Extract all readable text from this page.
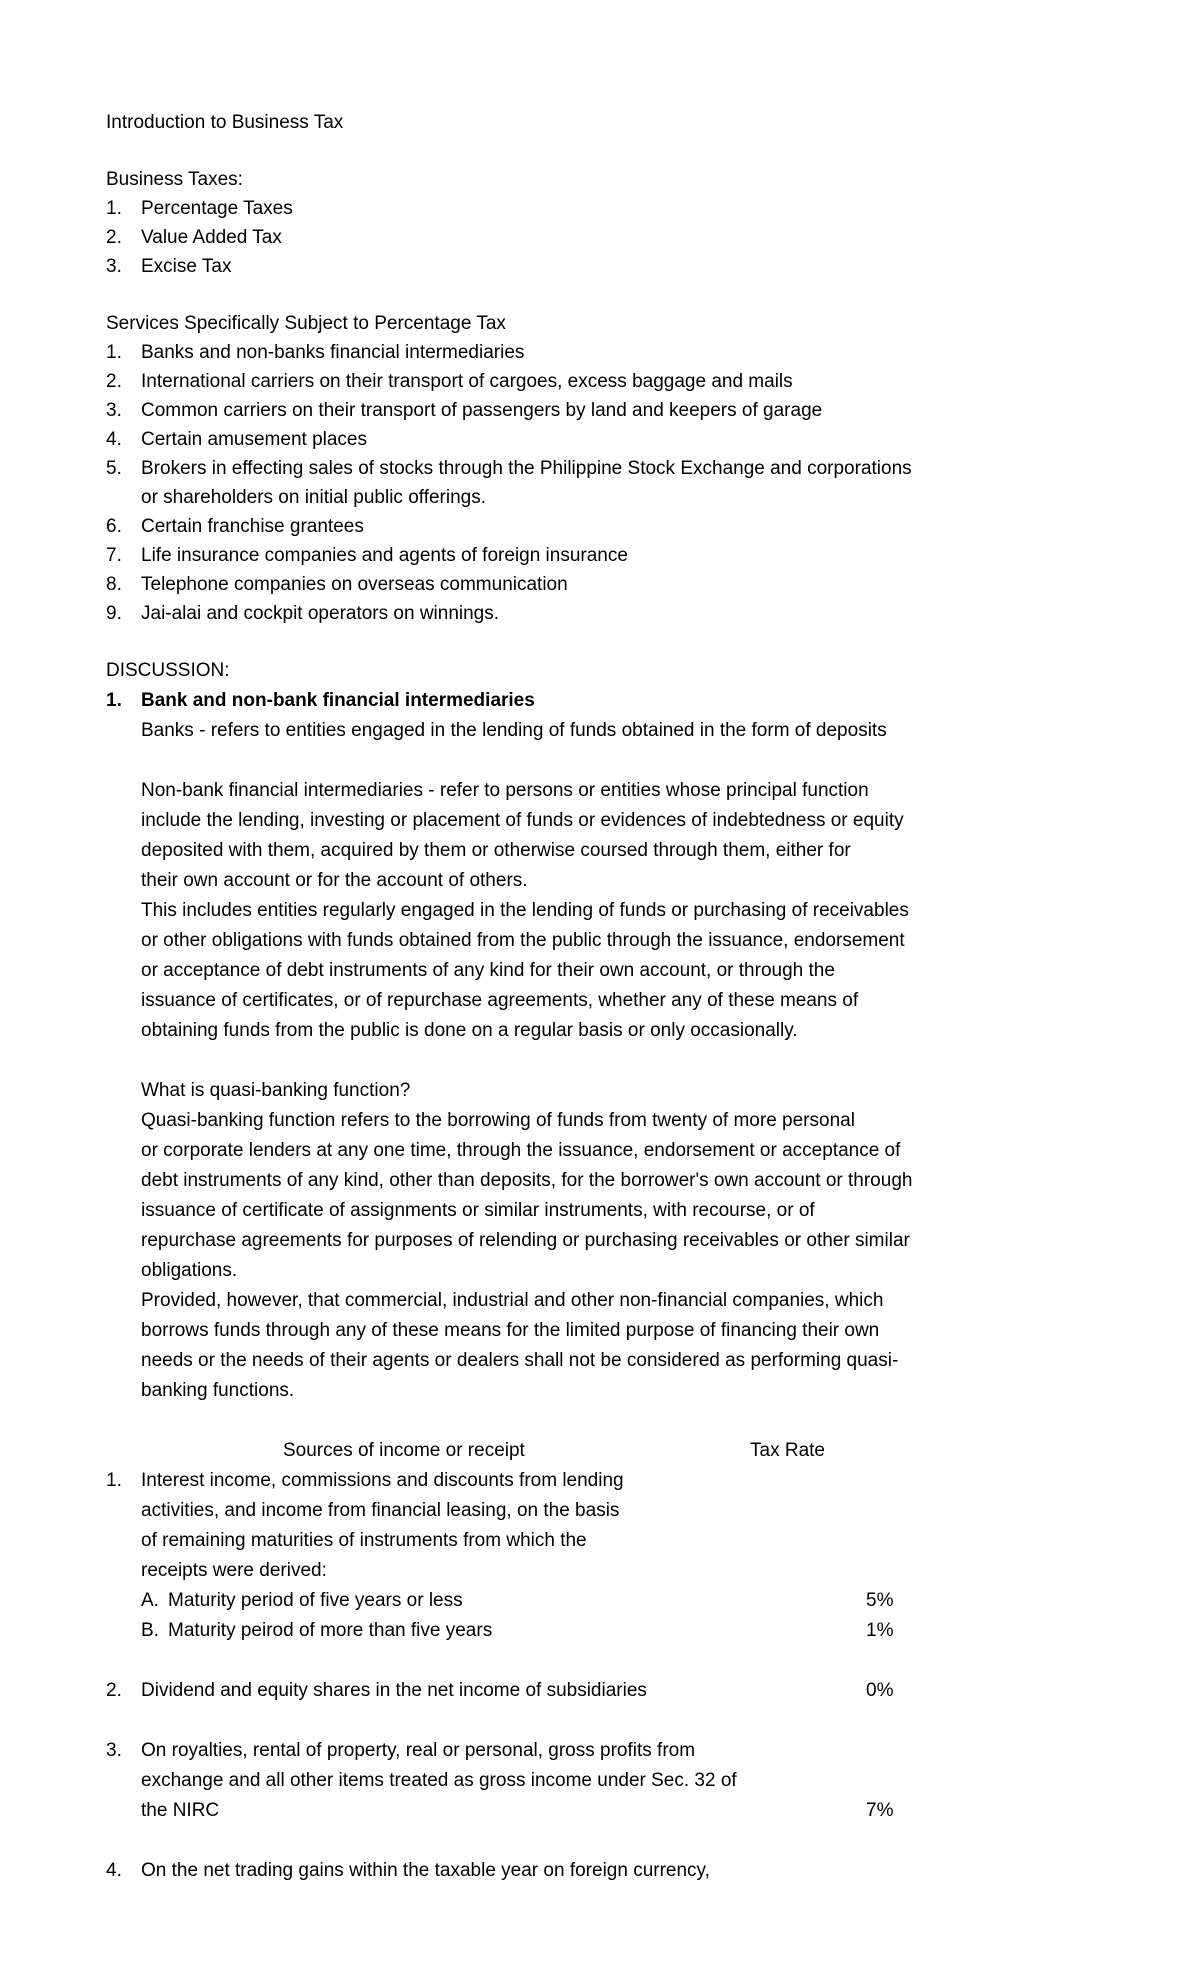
Introduction to Business Tax
Business Taxes:
1. Percentage Taxes
2. Value Added Tax
3. Excise Tax
Services Specifically Subject to Percentage Tax
1. Banks and non-banks financial intermediaries
2. International carriers on their transport of cargoes, excess baggage and mails
3. Common carriers on their transport of passengers by land and keepers of garage
4. Certain amusement places
5. Brokers in effecting sales of stocks through the Philippine Stock Exchange and corporations
or shareholders on initial public offerings.
6. Certain franchise grantees
7. Life insurance companies and agents of foreign insurance
8. Telephone companies on overseas communication
9. Jai-alai and cockpit operators on winnings.
DISCUSSION:
1. Bank and non-bank financial intermediaries
Banks - refers to entities engaged in the lending of funds obtained in the form of deposits
Non-bank financial intermediaries - refer to persons or entities whose principal function
include the lending, investing or placement of funds or evidences of indebtedness or equity
deposited with them, acquired by them or otherwise coursed through them, either for
their own account or for the account of others.
This includes entities regularly engaged in the lending of funds or purchasing of receivables
or other obligations with funds obtained from the public through the issuance, endorsement
or acceptance of debt instruments of any kind for their own account, or through the
issuance of certificates, or of repurchase agreements, whether any of these means of
obtaining funds from the public is done on a regular basis or only occasionally.
What is quasi-banking function?
Quasi-banking function refers to the borrowing of funds from twenty of more personal
or corporate lenders at any one time, through the issuance, endorsement or acceptance of
debt instruments of any kind, other than deposits, for the borrower's own account or through
issuance of certificate of assignments or similar instruments, with recourse, or of
repurchase agreements for purposes of relending or purchasing receivables or other similar
obligations.
Provided, however, that commercial, industrial and other non-financial companies, which
borrows funds through any of these means for the limited purpose of financing their own
needs or the needs of their agents or dealers shall not be considered as performing quasi-
banking functions.
Sources of income or receipt	Tax Rate
1. Interest income, commissions and discounts from lending
activities, and income from financial leasing, on the basis
of remaining maturities of instruments from which the
receipts were derived:
A. Maturity period of five years or less	5%
B. Maturity peirod of more than five years	1%
2. Dividend and equity shares in the net income of subsidiaries	0%
3. On royalties, rental of property, real or personal, gross profits from
exchange and all other items treated as gross income under Sec. 32 of
the NIRC	7%
4. On the net trading gains within the taxable year on foreign currency,
